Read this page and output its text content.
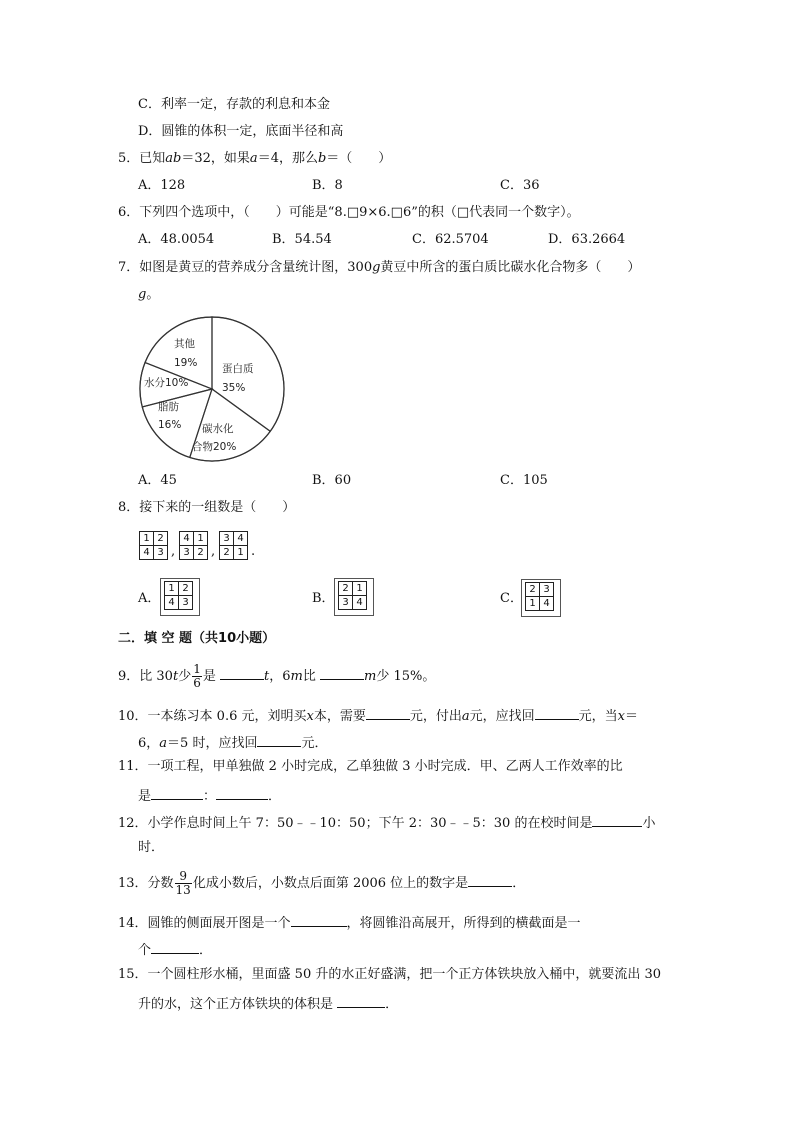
C．利率一定，存款的利息和本金
D．圆锥的体积一定，底面半径和高
5．已知ab＝32，如果a＝4，那么b＝（　　）
A．128	B．8	C．36
6．下列四个选项中，（　　）可能是“8.□9×6.□6”的积（□代表同一个数字）。
A．48.0054	B．54.54	C．62.5704	D．63.2664
7．如图是黄豆的营养成分含量统计图，300g黄豆中所含的蛋白质比碳水化合物多（　　）
g。
蛋白质
35%
碳水化
合物20%
脂肪
16%
水分10%
其他
19%
A．45	B．60	C．105
8．接下来的一组数是（　　）
1	2
4	3 ,
4	1
3	2 ,
3	4
2	1 .
A．
1	2
4	3	B．
2	1
3	4	C．
2	3
1	4
二．填 空 题（共10小题）
9．比 30t少 $\frac{1}{6}$ 是	t，6m比	m少 15%。
10．一本练习本 0.6 元，刘明买x本，需要	元，付出a元，应找回	元，当x＝
6，a＝5 时，应找回	元．
11．一项工程，甲单独做 2 小时完成，乙单独做 3 小时完成．甲、乙两人工作效率的比
是	：	．
12．小学作息时间上午 7：50﹣﹣10：50；下午 2：30﹣﹣5：30 的在校时间是	小
时．
13．分数 $\frac{9}{13}$ 化成小数后，小数点后面第 2006 位上的数字是	．
14．圆锥的侧面展开图是一个	，将圆锥沿高展开，所得到的横截面是一
个	．
15．一个圆柱形水桶，里面盛 50 升的水正好盛满，把一个正方体铁块放入桶中，就要流出 30
升的水，这个正方体铁块的体积是	．
